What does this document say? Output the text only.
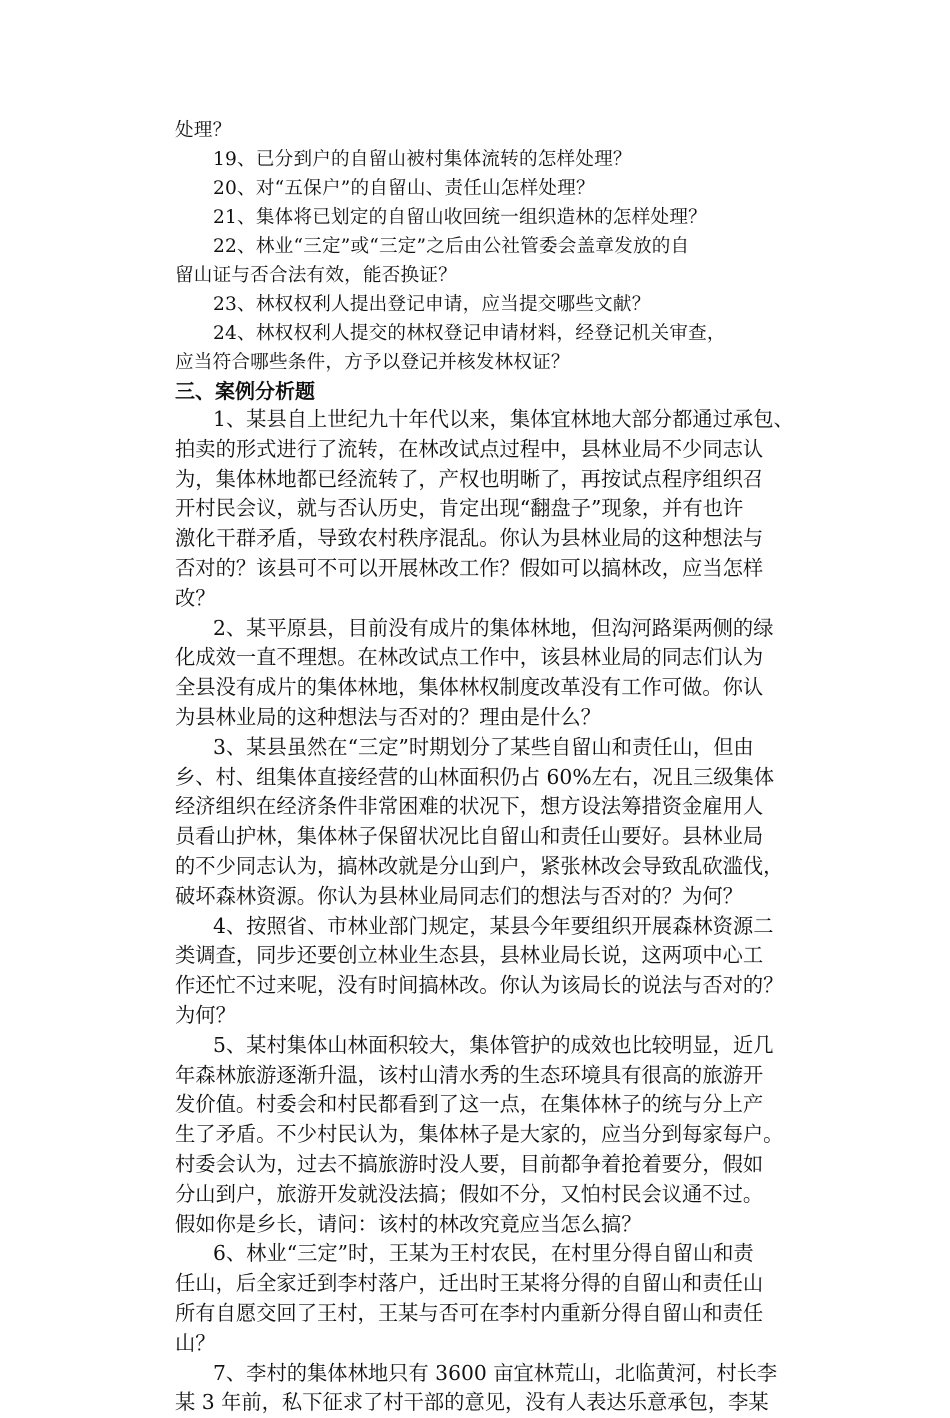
处理？

19、已分到户的自留山被村集体流转的怎样处理？

20、对“五保户”的自留山、责任山怎样处理？

21、集体将已划定的自留山收回统一组织造林的怎样处理？

22、林业“三定”或“三定”之后由公社管委会盖章发放的自

留山证与否合法有效，能否换证？

23、林权权利人提出登记申请，应当提交哪些文献？

24、林权权利人提交的林权登记申请材料，经登记机关审查，

应当符合哪些条件，方予以登记并核发林权证？

三、案例分析题

1、某县自上世纪九十年代以来，集体宜林地大部分都通过承包、

拍卖的形式进行了流转，在林改试点过程中，县林业局不少同志认

为，集体林地都已经流转了，产权也明晰了，再按试点程序组织召

开村民会议，就与否认历史，肯定出现“翻盘子”现象，并有也许

激化干群矛盾，导致农村秩序混乱。你认为县林业局的这种想法与

否对的？该县可不可以开展林改工作？假如可以搞林改，应当怎样

改？

2、某平原县，目前没有成片的集体林地，但沟河路渠两侧的绿

化成效一直不理想。在林改试点工作中，该县林业局的同志们认为

全县没有成片的集体林地，集体林权制度改革没有工作可做。你认

为县林业局的这种想法与否对的？理由是什么？

3、某县虽然在“三定”时期划分了某些自留山和责任山，但由

乡、村、组集体直接经营的山林面积仍占 60%左右，况且三级集体

经济组织在经济条件非常困难的状况下，想方设法筹措资金雇用人

员看山护林，集体林子保留状况比自留山和责任山要好。县林业局

的不少同志认为，搞林改就是分山到户，紧张林改会导致乱砍滥伐，

破坏森林资源。你认为县林业局同志们的想法与否对的？为何？

4、按照省、市林业部门规定，某县今年要组织开展森林资源二

类调查，同步还要创立林业生态县，县林业局长说，这两项中心工

作还忙不过来呢，没有时间搞林改。你认为该局长的说法与否对的？

为何？

5、某村集体山林面积较大，集体管护的成效也比较明显，近几

年森林旅游逐渐升温，该村山清水秀的生态环境具有很高的旅游开

发价值。村委会和村民都看到了这一点，在集体林子的统与分上产

生了矛盾。不少村民认为，集体林子是大家的，应当分到每家每户。

村委会认为，过去不搞旅游时没人要，目前都争着抢着要分，假如

分山到户，旅游开发就没法搞；假如不分，又怕村民会议通不过。

假如你是乡长，请问：该村的林改究竟应当怎么搞？

6、林业“三定”时，王某为王村农民，在村里分得自留山和责

任山，后全家迁到李村落户，迁出时王某将分得的自留山和责任山

所有自愿交回了王村，王某与否可在李村内重新分得自留山和责任

山？

7、李村的集体林地只有 3600 亩宜林荒山，北临黄河，村长李

某 3 年前，私下征求了村干部的意见，没有人表达乐意承包，李某
